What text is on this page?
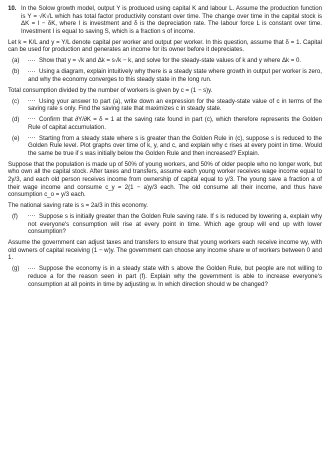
10. In the Solow growth model, output Y is produced using capital K and labour L. Assume the production function is Y = √K√L which has total factor productivity constant over time. The change over time in the capital stock is ΔK = I − δK, where I is investment and δ is the depreciation rate. The labour force L is constant over time. Investment I is equal to saving S, which is a fraction s of income.

Let k = K/L and y = Y/L denote capital per worker and output per worker. In this question, assume that δ = 1. Capital can be used for production and generates an income for its owner before it depreciates.

(a)	Show that y = √k and Δk = s√k − k, and solve for the steady-state values of k and y where Δk = 0.
(b)	Using a diagram, explain intuitively why there is a steady state where growth in output per worker is zero, and why the economy converges to this steady state in the long run.

Total consumption divided by the number of workers is given by c = (1 − s)y.

(c)	Using your answer to part (a), write down an expression for the steady-state value of c in terms of the saving rate s only. Find the saving rate that maximizes c in steady state.
(d)	Confirm that ∂Y/∂K = δ = 1 at the saving rate found in part (c), which therefore represents the Golden Rule of capital accumulation.
(e)	Starting from a steady state where s is greater than the Golden Rule in (c), suppose s is reduced to the Golden Rule level. Plot graphs over time of k, y, and c, and explain why c rises at every point in time. Would the same be true if s was initially below the Golden Rule and then increased? Explain.

Suppose that the population is made up of 50% of young workers, and 50% of older people who no longer work, but who own all the capital stock. After taxes and transfers, assume each young worker receives wage income equal to 2y/3, and each old person receives income from ownership of capital equal to y/3. The young save a fraction a of their wage income and consume c_y = 2(1 − a)y/3 each. The old consume all their income, and thus have consumption c_o = y/3 each.

The national saving rate is s = 2a/3 in this economy.

(f)	Suppose s is initially greater than the Golden Rule saving rate. If s is reduced by lowering a, explain why not everyone's consumption will rise at every point in time. Which age group will end up with lower consumption?

Assume the government can adjust taxes and transfers to ensure that young workers each receive income wy, with old owners of capital receiving (1 − w)y. The government can choose any income share w of workers between 0 and 1.

(g)	Suppose the economy is in a steady state with s above the Golden Rule, but people are not willing to reduce a for the reason seen in part (f). Explain why the government is able to increase everyone's consumption at all points in time by adjusting w. In which direction should w be changed?
